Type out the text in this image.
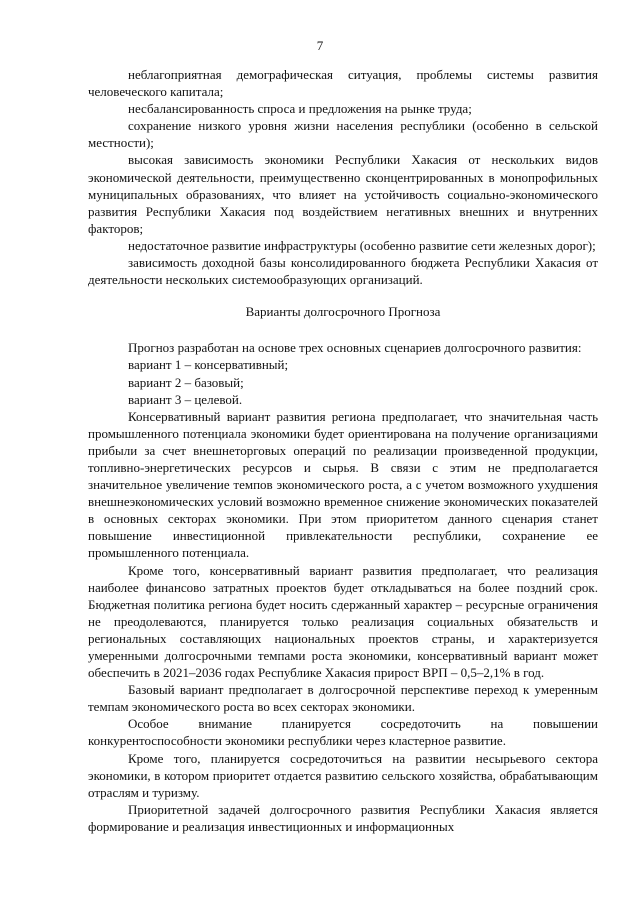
7

неблагоприятная демографическая ситуация, проблемы системы развития человеческого капитала;

несбалансированность спроса и предложения на рынке труда;

сохранение низкого уровня жизни населения республики (особенно в сельской местности);

высокая зависимость экономики Республики Хакасия от нескольких видов экономической деятельности, преимущественно сконцентрированных в монопрофильных муниципальных образованиях, что влияет на устойчивость социально-экономического развития Республики Хакасия под воздействием негативных внешних и внутренних факторов;

недостаточное развитие инфраструктуры (особенно развитие сети железных дорог);

зависимость доходной базы консолидированного бюджета Республики Хакасия от деятельности нескольких системообразующих организаций.

Варианты долгосрочного Прогноза

Прогноз разработан на основе трех основных сценариев долгосрочного развития:

вариант 1 – консервативный;

вариант 2 – базовый;

вариант 3 – целевой.

Консервативный вариант развития региона предполагает, что значительная часть промышленного потенциала экономики будет ориентирована на получение организациями прибыли за счет внешнеторговых операций по реализации произведенной продукции, топливно-энергетических ресурсов и сырья. В связи с этим не предполагается значительное увеличение темпов экономического роста, а с учетом возможного ухудшения внешнеэкономических условий возможно временное снижение экономических показателей в основных секторах экономики. При этом приоритетом данного сценария станет повышение инвестиционной привлекательности республики, сохранение ее промышленного потенциала.

Кроме того, консервативный вариант развития предполагает, что реализация наиболее финансово затратных проектов будет откладываться на более поздний срок. Бюджетная политика региона будет носить сдержанный характер – ресурсные ограничения не преодолеваются, планируется только реализация социальных обязательств и региональных составляющих национальных проектов страны, и характеризуется умеренными долгосрочными темпами роста экономики, консервативный вариант может обеспечить в 2021–2036 годах Республике Хакасия прирост ВРП – 0,5–2,1% в год.

Базовый вариант предполагает в долгосрочной перспективе переход к умеренным темпам экономического роста во всех секторах экономики.

Особое внимание планируется сосредоточить на повышении конкурентоспособности экономики республики через кластерное развитие.

Кроме того, планируется сосредоточиться на развитии несырьевого сектора экономики, в котором приоритет отдается развитию сельского хозяйства, обрабатывающим отраслям и туризму.

Приоритетной задачей долгосрочного развития Республики Хакасия является формирование и реализация инвестиционных и информационных
